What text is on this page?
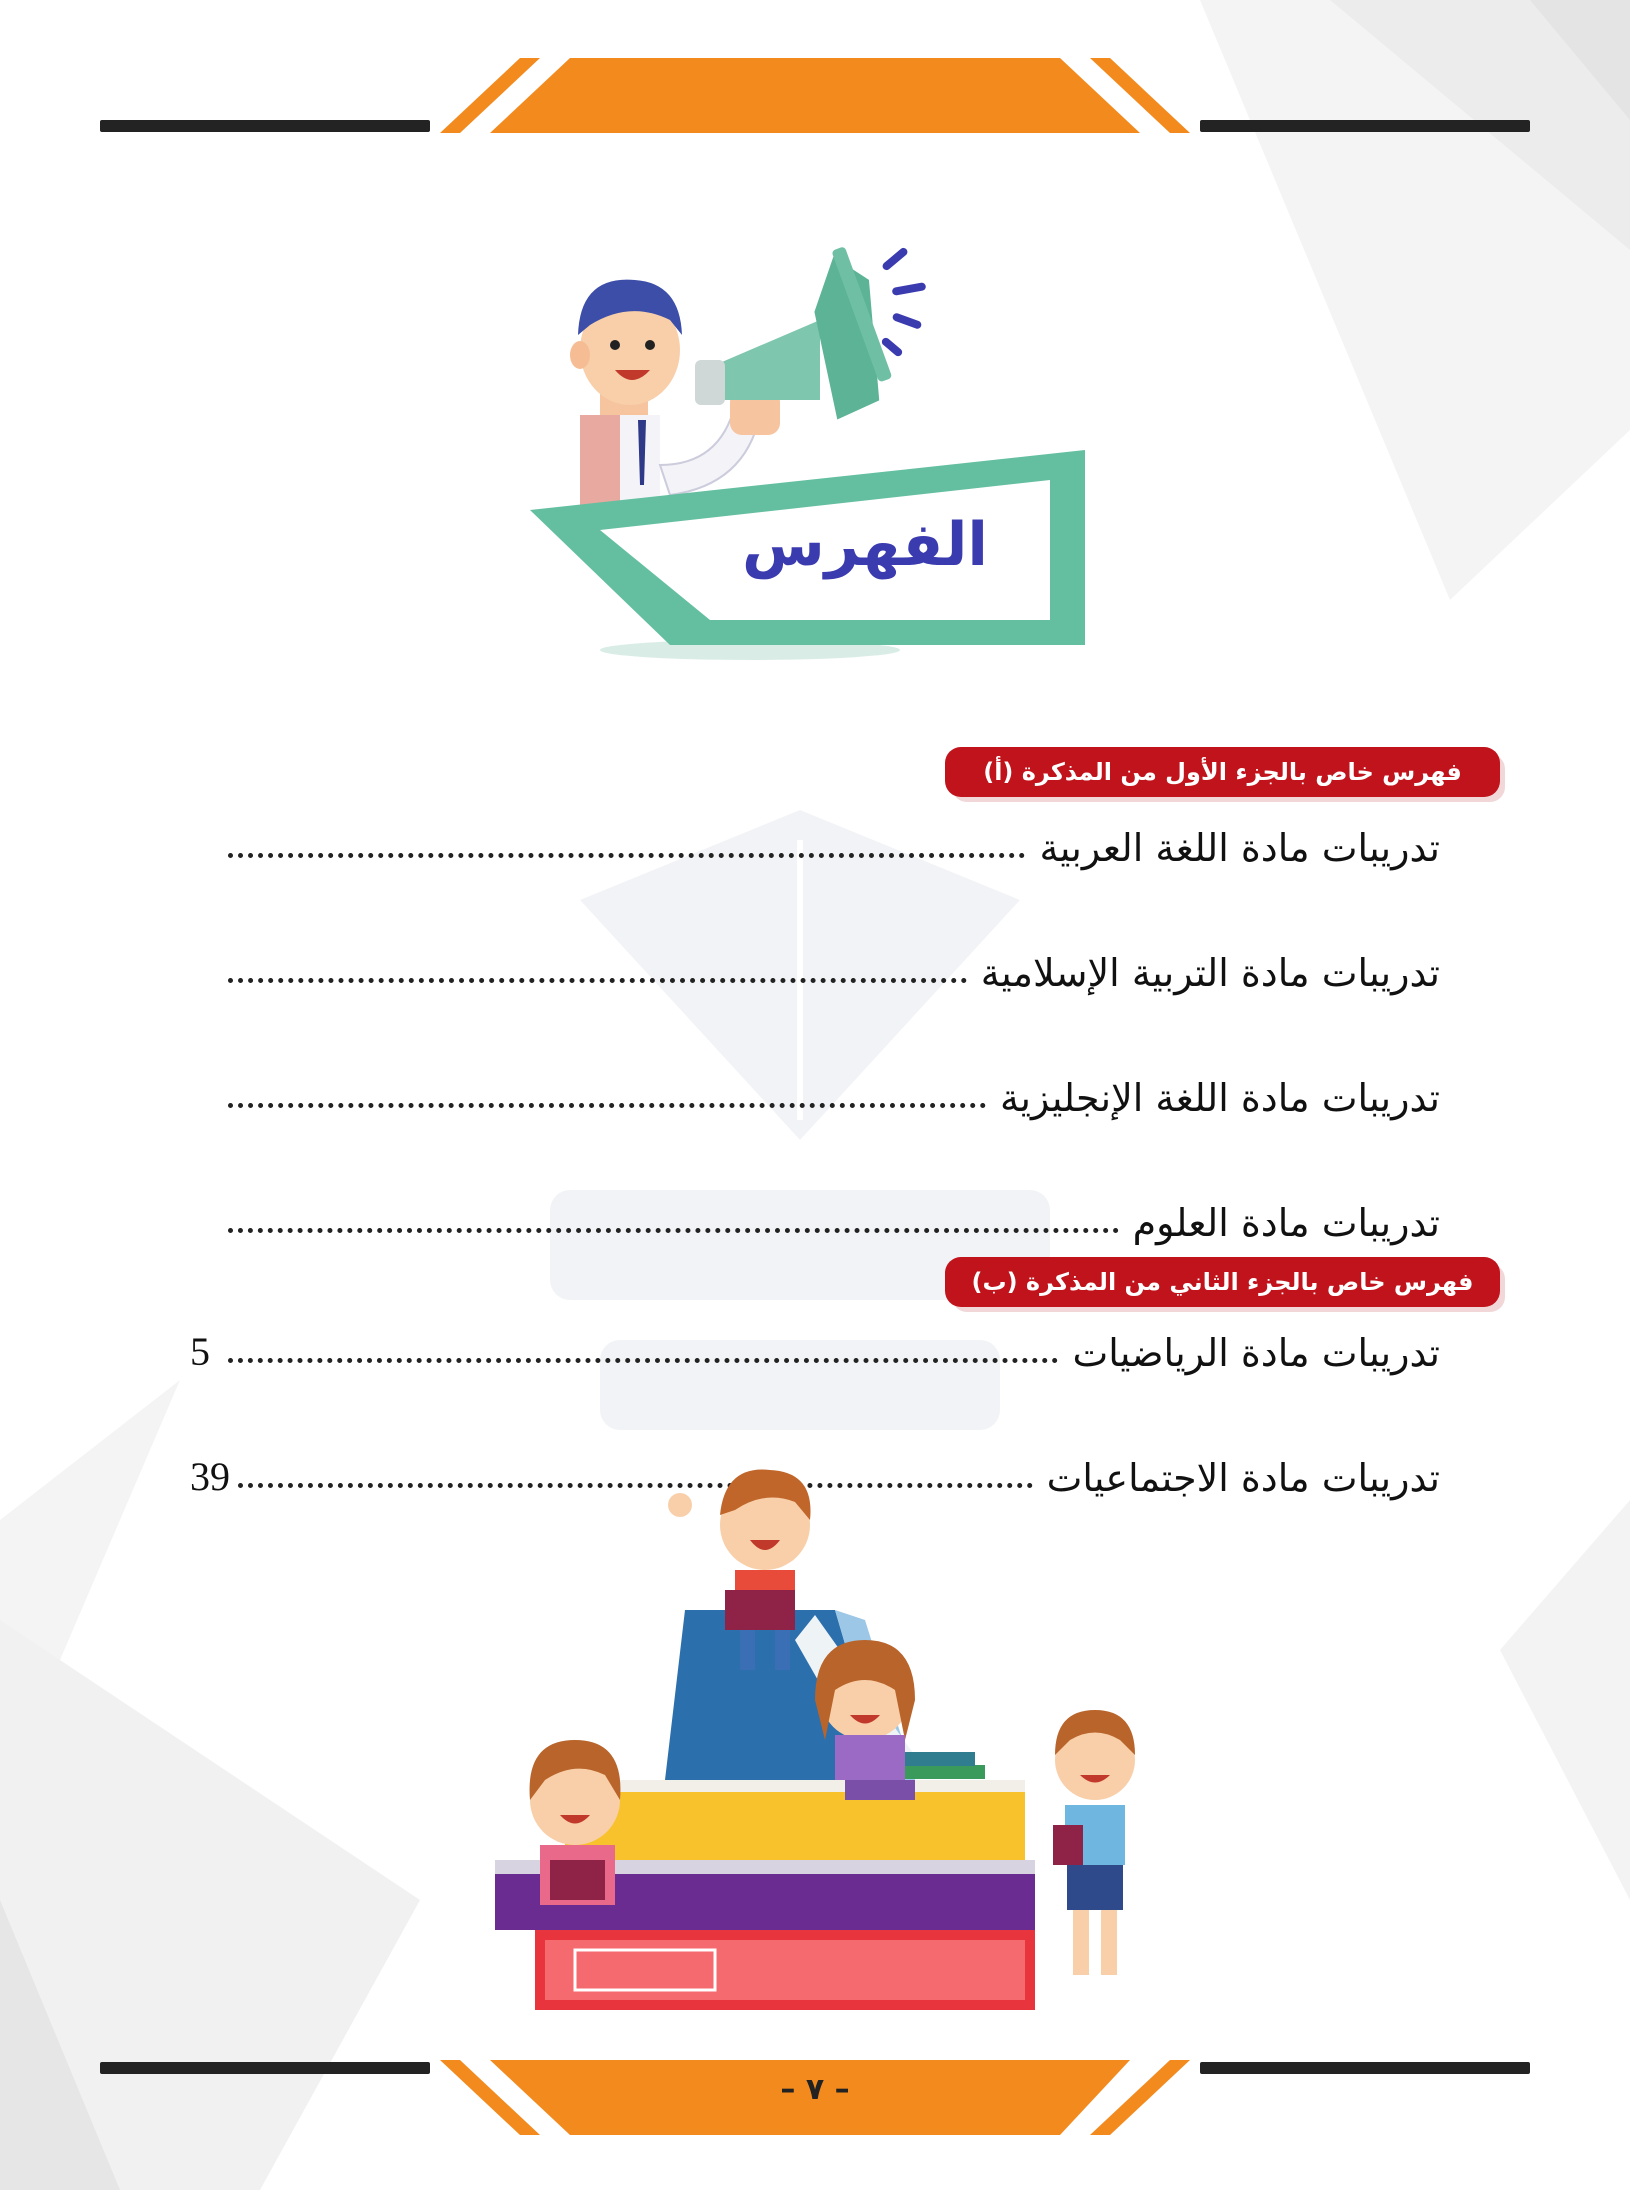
– ٧ –
الفهرس
فهرس خاص بالجزء الأول من المذكرة (أ)
تدريبات مادة اللغة العربية
تدريبات مادة التربية الإسلامية
تدريبات مادة اللغة الإنجليزية
تدريبات مادة العلوم
فهرس خاص بالجزء الثاني من المذكرة (ب)
تدريبات مادة الرياضيات
5
تدريبات مادة الاجتماعيات
39
